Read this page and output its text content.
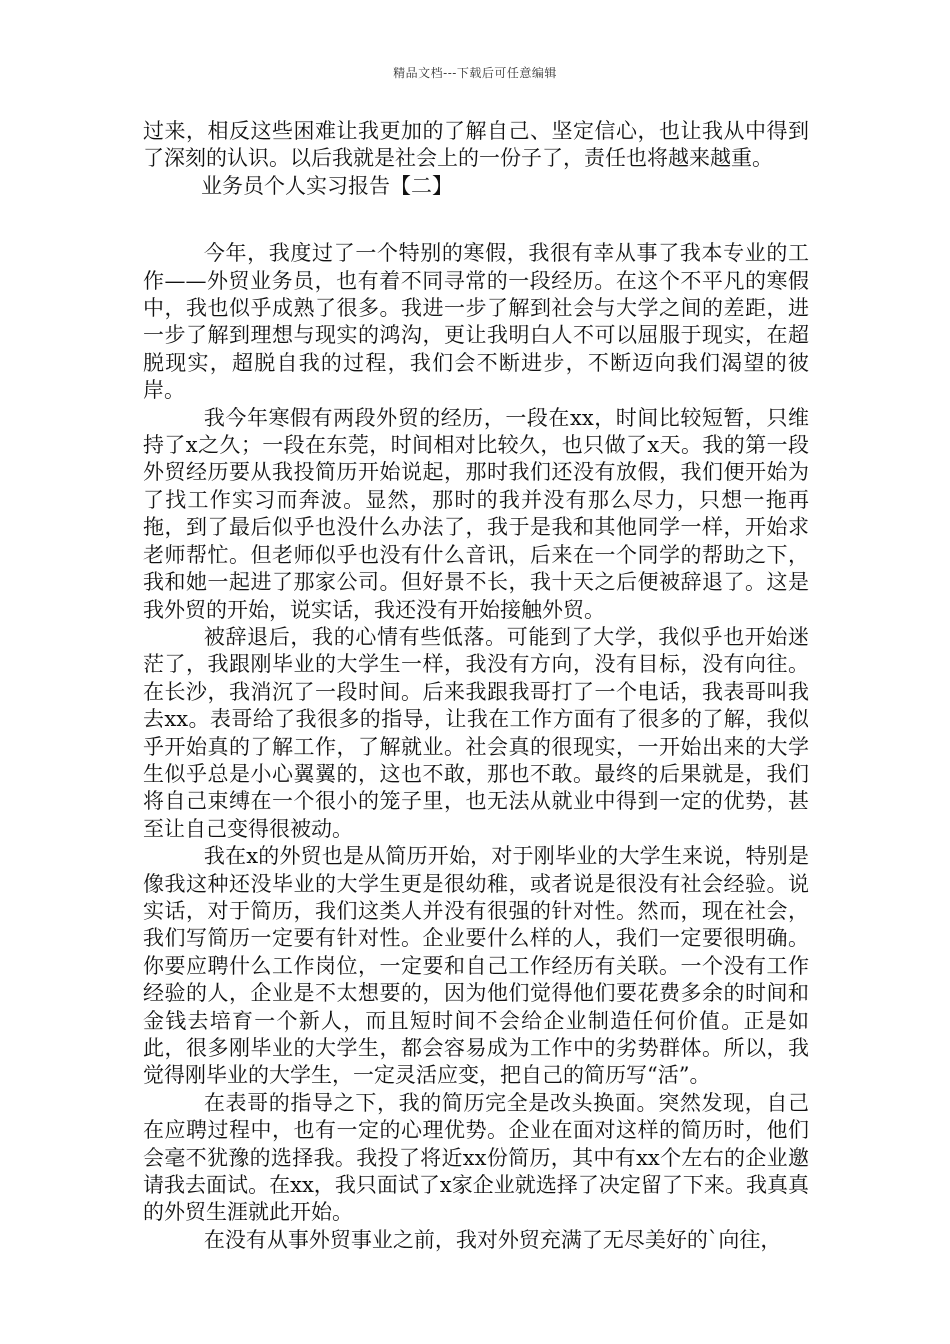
精品文档---下载后可任意编辑

过来，相反这些困难让我更加的了解自己、坚定信心，也让我从中得到了深刻的认识。以后我就是社会上的一份子了，责任也将越来越重。

业务员个人实习报告【二】

今年，我度过了一个特别的寒假，我很有幸从事了我本专业的工作——外贸业务员，也有着不同寻常的一段经历。在这个不平凡的寒假中，我也似乎成熟了很多。我进一步了解到社会与大学之间的差距，进一步了解到理想与现实的鸿沟，更让我明白人不可以屈服于现实，在超脱现实，超脱自我的过程，我们会不断进步，不断迈向我们渴望的彼岸。

我今年寒假有两段外贸的经历，一段在xx，时间比较短暂，只维持了x之久；一段在东莞，时间相对比较久，也只做了x天。我的第一段外贸经历要从我投简历开始说起，那时我们还没有放假，我们便开始为了找工作实习而奔波。显然，那时的我并没有那么尽力，只想一拖再拖，到了最后似乎也没什么办法了，我于是我和其他同学一样，开始求老师帮忙。但老师似乎也没有什么音讯，后来在一个同学的帮助之下，我和她一起进了那家公司。但好景不长，我十天之后便被辞退了。这是我外贸的开始，说实话，我还没有开始接触外贸。

被辞退后，我的心情有些低落。可能到了大学，我似乎也开始迷茫了，我跟刚毕业的大学生一样，我没有方向，没有目标，没有向往。在长沙，我消沉了一段时间。后来我跟我哥打了一个电话，我表哥叫我去xx。表哥给了我很多的指导，让我在工作方面有了很多的了解，我似乎开始真的了解工作，了解就业。社会真的很现实，一开始出来的大学生似乎总是小心翼翼的，这也不敢，那也不敢。最终的后果就是，我们将自己束缚在一个很小的笼子里，也无法从就业中得到一定的优势，甚至让自己变得很被动。

我在x的外贸也是从简历开始，对于刚毕业的大学生来说，特别是像我这种还没毕业的大学生更是很幼稚，或者说是很没有社会经验。说实话，对于简历，我们这类人并没有很强的针对性。然而，现在社会，我们写简历一定要有针对性。企业要什么样的人，我们一定要很明确。你要应聘什么工作岗位，一定要和自己工作经历有关联。一个没有工作经验的人，企业是不太想要的，因为他们觉得他们要花费多余的时间和金钱去培育一个新人，而且短时间不会给企业制造任何价值。正是如此，很多刚毕业的大学生，都会容易成为工作中的劣势群体。所以，我觉得刚毕业的大学生，一定灵活应变，把自己的简历写“活”。

在表哥的指导之下，我的简历完全是改头换面。突然发现，自己在应聘过程中，也有一定的心理优势。企业在面对这样的简历时，他们会毫不犹豫的选择我。我投了将近xx份简历，其中有xx个左右的企业邀请我去面试。在xx，我只面试了x家企业就选择了决定留了下来。我真真的外贸生涯就此开始。

在没有从事外贸事业之前，我对外贸充满了无尽美好的`向往，
